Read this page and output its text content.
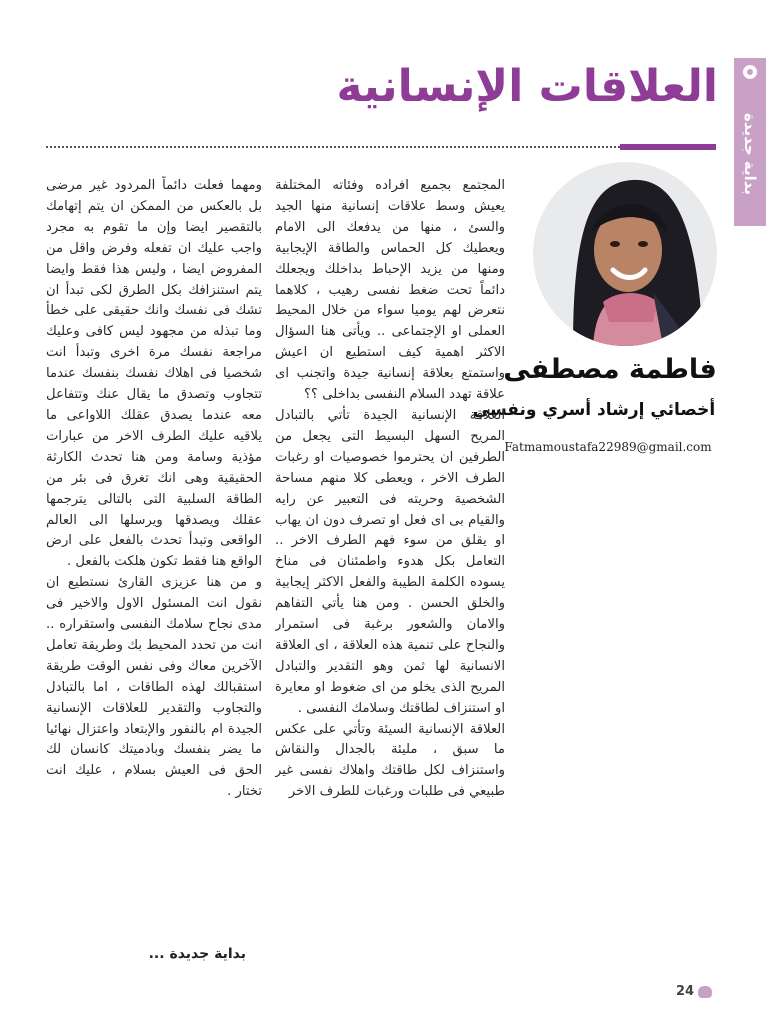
بداية جديدة
العلاقات الإنسانية
فاطمة مصطفى
أخصائي إرشاد أسري ونفسي
Fatmamoustafa22989@gmail.com

المجتمع بجميع افراده وفئاته المختلفة يعيش وسط علاقات إنسانية منها الجيد والسئ ، منها من يدفعك الى الامام ويعطيك كل الحماس والطاقة الإيجابية ومنها من يزيد الإحباط بداخلك ويجعلك دائماً تحت ضغط نفسى رهيب ، كلاهما نتعرض لهم يوميا سواء من خلال المحيط العملى او الإجتماعى .. ويأتى هنا السؤال الاكثر اهمية كيف استطيع ان اعيش واستمتع بعلاقة إنسانية جيدة واتجنب اى علاقة تهدد السلام النفسى بداخلى ؟؟

العلاقة الإنسانية الجيدة تأتي بالتبادل المريح السهل البسيط التى يجعل من الطرفين ان يحترموا خصوصيات او رغبات الطرف الاخر ، ويعطى كلا منهم مساحة الشخصية وحريته فى التعبير عن رايه والقيام بى اى فعل او تصرف دون ان يهاب او يقلق من سوء فهم الطرف الاخر .. التعامل بكل هدوء واطمئنان فى مناخ يسوده الكلمة الطيبة والفعل الاكثر إيجابية والخلق الحسن . ومن هنا يأتي التفاهم والامان والشعور برغبة فى استمرار والنجاح على تنمية هذه العلاقة ، اى العلاقة الانسانية لها ثمن وهو التقدير والتبادل المريح الذى يخلو من اى ضغوط او معايرة او استنزاف لطاقتك وسلامك النفسى .

العلاقة الإنسانية السيئة وتأتي على عكس ما سبق ، مليئة بالجدال والنقاش واستنزاف لكل طاقتك واهلاك نفسى غير طبيعي فى طلبات ورغبات للطرف الاخر

ومهما فعلت دائماً المردود غير مرضى بل بالعكس من الممكن ان يتم إتهامك بالتقصير ايضا وإن ما تقوم به مجرد واجب عليك ان تفعله وفرض واقل من المفروض ايضا ، وليس هذا فقط وايضا يتم استنزافك بكل الطرق لكى تبدأ ان تشك فى نفسك وانك حقيقى على خطأ وما تبذله من مجهود ليس كافى وعليك مراجعة نفسك مرة اخرى وتبدأ انت شخصيا فى اهلاك نفسك بنفسك عندما تتجاوب وتصدق ما يقال عنك وتتفاعل معه عندما يصدق عقلك اللاواعى ما يلاقيه عليك الطرف الاخر من عبارات مؤذية وسامة ومن هنا تحدث الكارثة الحقيقية وهى انك تغرق فى بئر من الطاقة السلبية التى بالتالى يترجمها عقلك ويصدقها ويرسلها الى العالم الواقعى وتبدأ تحدث بالفعل على ارض الواقع هنا فقط تكون هلكت بالفعل .

و من هنا عزيزى القارئ نستطيع ان نقول انت المسئول الاول والاخير فى مدى نجاح سلامك النفسى واستقراره .. انت من تحدد المحيط بك وطريقة تعامل الآخرين معاك وفى نفس الوقت طريقة استقبالك لهذه الطاقات ، اما بالتبادل والتجاوب والتقدير للعلاقات الإنسانية الجيدة ام بالنفور والإبتعاد واعتزال نهائيا ما يضر بنفسك وبادميتك كانسان لك الحق فى العيش بسلام ، عليك انت تختار .

بداية جديدة ...
24
